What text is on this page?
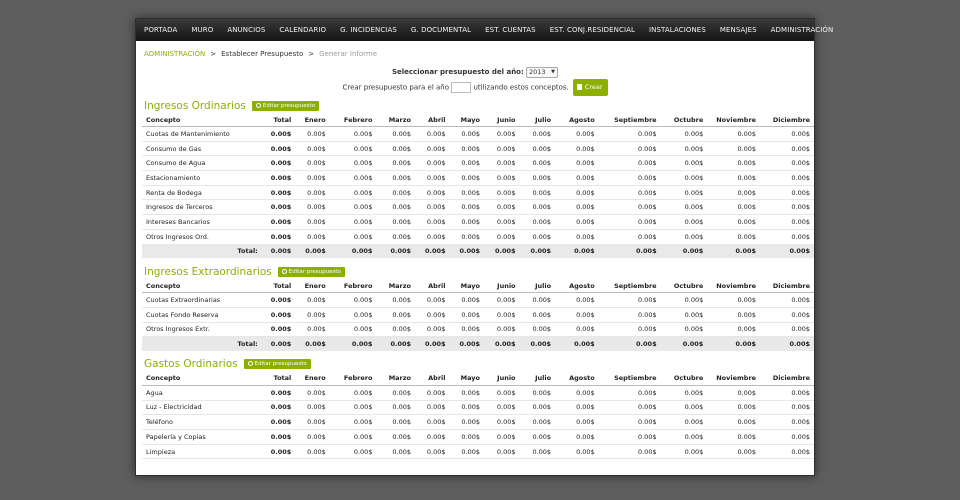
PORTADA MURO ANUNCIOS CALENDARIO G. INCIDENCIAS G. DOCUMENTAL EST. CUENTAS EST. CONJ.RESIDENCIAL INSTALACIONES MENSAJES ADMINISTRACIÓN
ADMINISTRACIÓN > Establecer Presupuesto > Generar Informe
Seleccionar presupuesto del año: 2013 ▼
Crear presupuesto para el año	utilizando estos conceptos. Crear
Ingresos Ordinarios	Editar presupuesto
Concepto	Total	Enero	Febrero	Marzo	Abril	Mayo	Junio	Julio	Agosto	Septiembre	Octubre	Noviembre	Diciembre
Cuotas de Mantenimiento	0.00$	0.00$	0.00$	0.00$	0.00$	0.00$	0.00$	0.00$	0.00$	0.00$	0.00$	0.00$	0.00$
Consumo de Gas	0.00$	0.00$	0.00$	0.00$	0.00$	0.00$	0.00$	0.00$	0.00$	0.00$	0.00$	0.00$	0.00$
Consumo de Agua	0.00$	0.00$	0.00$	0.00$	0.00$	0.00$	0.00$	0.00$	0.00$	0.00$	0.00$	0.00$	0.00$
Estacionamiento	0.00$	0.00$	0.00$	0.00$	0.00$	0.00$	0.00$	0.00$	0.00$	0.00$	0.00$	0.00$	0.00$
Renta de Bodega	0.00$	0.00$	0.00$	0.00$	0.00$	0.00$	0.00$	0.00$	0.00$	0.00$	0.00$	0.00$	0.00$
Ingresos de Terceros	0.00$	0.00$	0.00$	0.00$	0.00$	0.00$	0.00$	0.00$	0.00$	0.00$	0.00$	0.00$	0.00$
Intereses Bancarios	0.00$	0.00$	0.00$	0.00$	0.00$	0.00$	0.00$	0.00$	0.00$	0.00$	0.00$	0.00$	0.00$
Otros Ingresos Ord.	0.00$	0.00$	0.00$	0.00$	0.00$	0.00$	0.00$	0.00$	0.00$	0.00$	0.00$	0.00$	0.00$
Total:	0.00$	0.00$	0.00$	0.00$	0.00$	0.00$	0.00$	0.00$	0.00$	0.00$	0.00$	0.00$	0.00$
Ingresos Extraordinarios	Editar presupuesto
Concepto	Total	Enero	Febrero	Marzo	Abril	Mayo	Junio	Julio	Agosto	Septiembre	Octubre	Noviembre	Diciembre
Cuotas Extraordinarias	0.00$	0.00$	0.00$	0.00$	0.00$	0.00$	0.00$	0.00$	0.00$	0.00$	0.00$	0.00$	0.00$
Cuotas Fondo Reserva	0.00$	0.00$	0.00$	0.00$	0.00$	0.00$	0.00$	0.00$	0.00$	0.00$	0.00$	0.00$	0.00$
Otros Ingresos Extr.	0.00$	0.00$	0.00$	0.00$	0.00$	0.00$	0.00$	0.00$	0.00$	0.00$	0.00$	0.00$	0.00$
Total:	0.00$	0.00$	0.00$	0.00$	0.00$	0.00$	0.00$	0.00$	0.00$	0.00$	0.00$	0.00$	0.00$
Gastos Ordinarios	Editar presupuesto
Concepto	Total	Enero	Febrero	Marzo	Abril	Mayo	Junio	Julio	Agosto	Septiembre	Octubre	Noviembre	Diciembre
Agua	0.00$	0.00$	0.00$	0.00$	0.00$	0.00$	0.00$	0.00$	0.00$	0.00$	0.00$	0.00$	0.00$
Luz - Electricidad	0.00$	0.00$	0.00$	0.00$	0.00$	0.00$	0.00$	0.00$	0.00$	0.00$	0.00$	0.00$	0.00$
Teléfono	0.00$	0.00$	0.00$	0.00$	0.00$	0.00$	0.00$	0.00$	0.00$	0.00$	0.00$	0.00$	0.00$
Papelería y Copias	0.00$	0.00$	0.00$	0.00$	0.00$	0.00$	0.00$	0.00$	0.00$	0.00$	0.00$	0.00$	0.00$
Limpieza	0.00$	0.00$	0.00$	0.00$	0.00$	0.00$	0.00$	0.00$	0.00$	0.00$	0.00$	0.00$	0.00$
